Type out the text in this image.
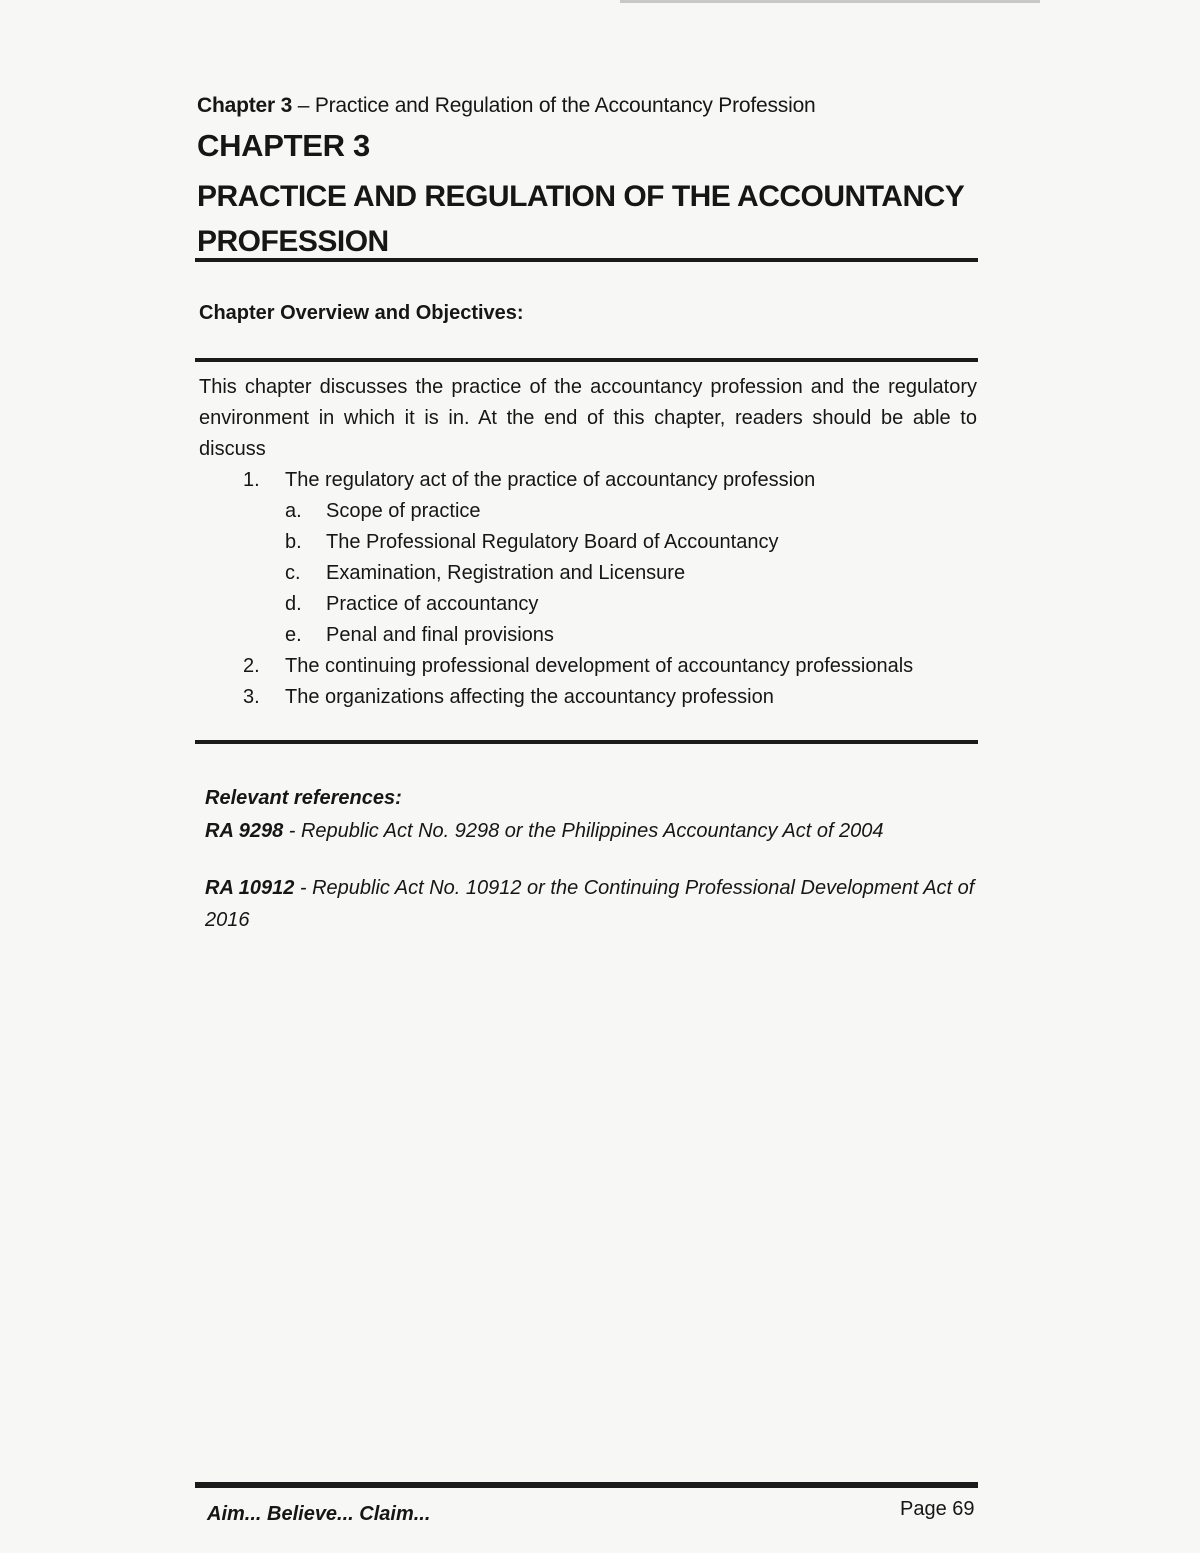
Chapter 3 – Practice and Regulation of the Accountancy Profession
CHAPTER 3
PRACTICE AND REGULATION OF THE ACCOUNTANCY PROFESSION
Chapter Overview and Objectives:

This chapter discusses the practice of the accountancy profession and the regulatory environment in which it is in. At the end of this chapter, readers should be able to discuss

1. The regulatory act of the practice of accountancy profession
a. Scope of practice
b. The Professional Regulatory Board of Accountancy
c. Examination, Registration and Licensure
d. Practice of accountancy
e. Penal and final provisions
2. The continuing professional development of accountancy professionals
3. The organizations affecting the accountancy profession
Relevant references:
RA 9298 - Republic Act No. 9298 or the Philippines Accountancy Act of 2004
RA 10912 - Republic Act No. 10912 or the Continuing Professional Development Act of 2016
Aim... Believe... Claim...	Page 69
